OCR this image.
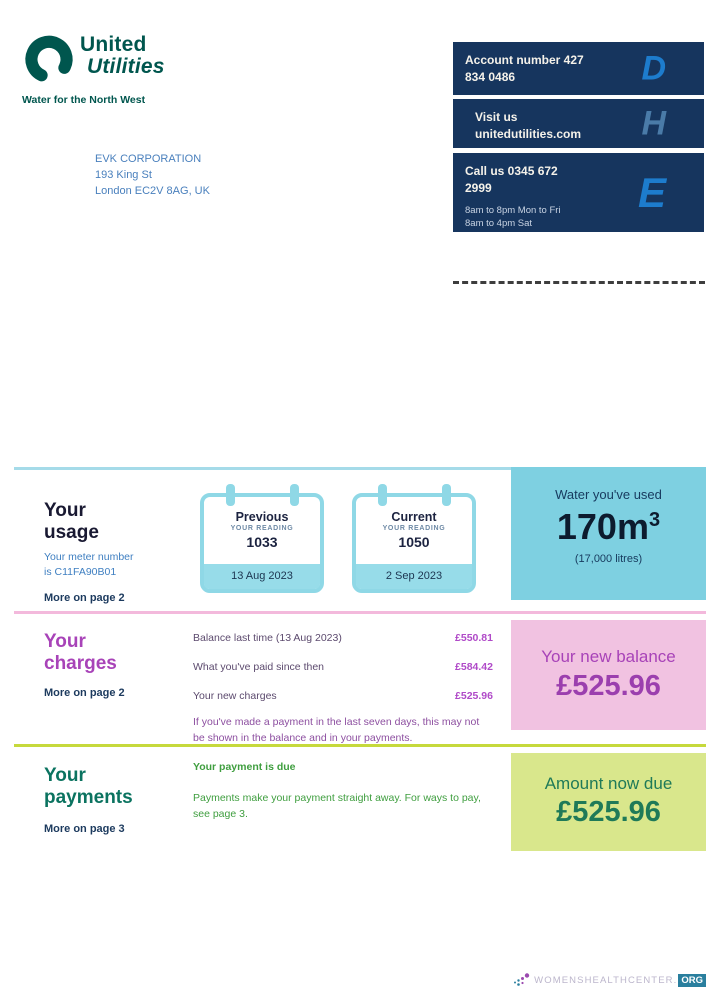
United
Utilities
Water for the North West
EVK CORPORATION
193 King St
London EC2V 8AG, UK
Account number 427
834 0486	D
Visit us
unitedutilities.com	H
Call us 0345 672
2999
8am to 8pm Mon to Fri
8am to 4pm Sat
E
Your usage
Your meter number
is C11FA90B01
More on page 2
Previous
YOUR READING
1033
13 Aug 2023
Current
YOUR READING
1050
2 Sep 2023
Water you've used
$170m^3$
(17,000 litres)
Your charges
More on page 2
Balance last time (13 Aug 2023)	£550.81
What you've paid since then	£584.42
Your new charges	£525.96
If you've made a payment in the last seven days, this may not be shown in the balance and in your payments.
Your new balance
£525.96
Your payments
More on page 3
Your payment is due
Payments make your payment straight away. For ways to pay, see page 3.
Amount now due
£525.96
WOMENSHEALTHCENTER. ORG
